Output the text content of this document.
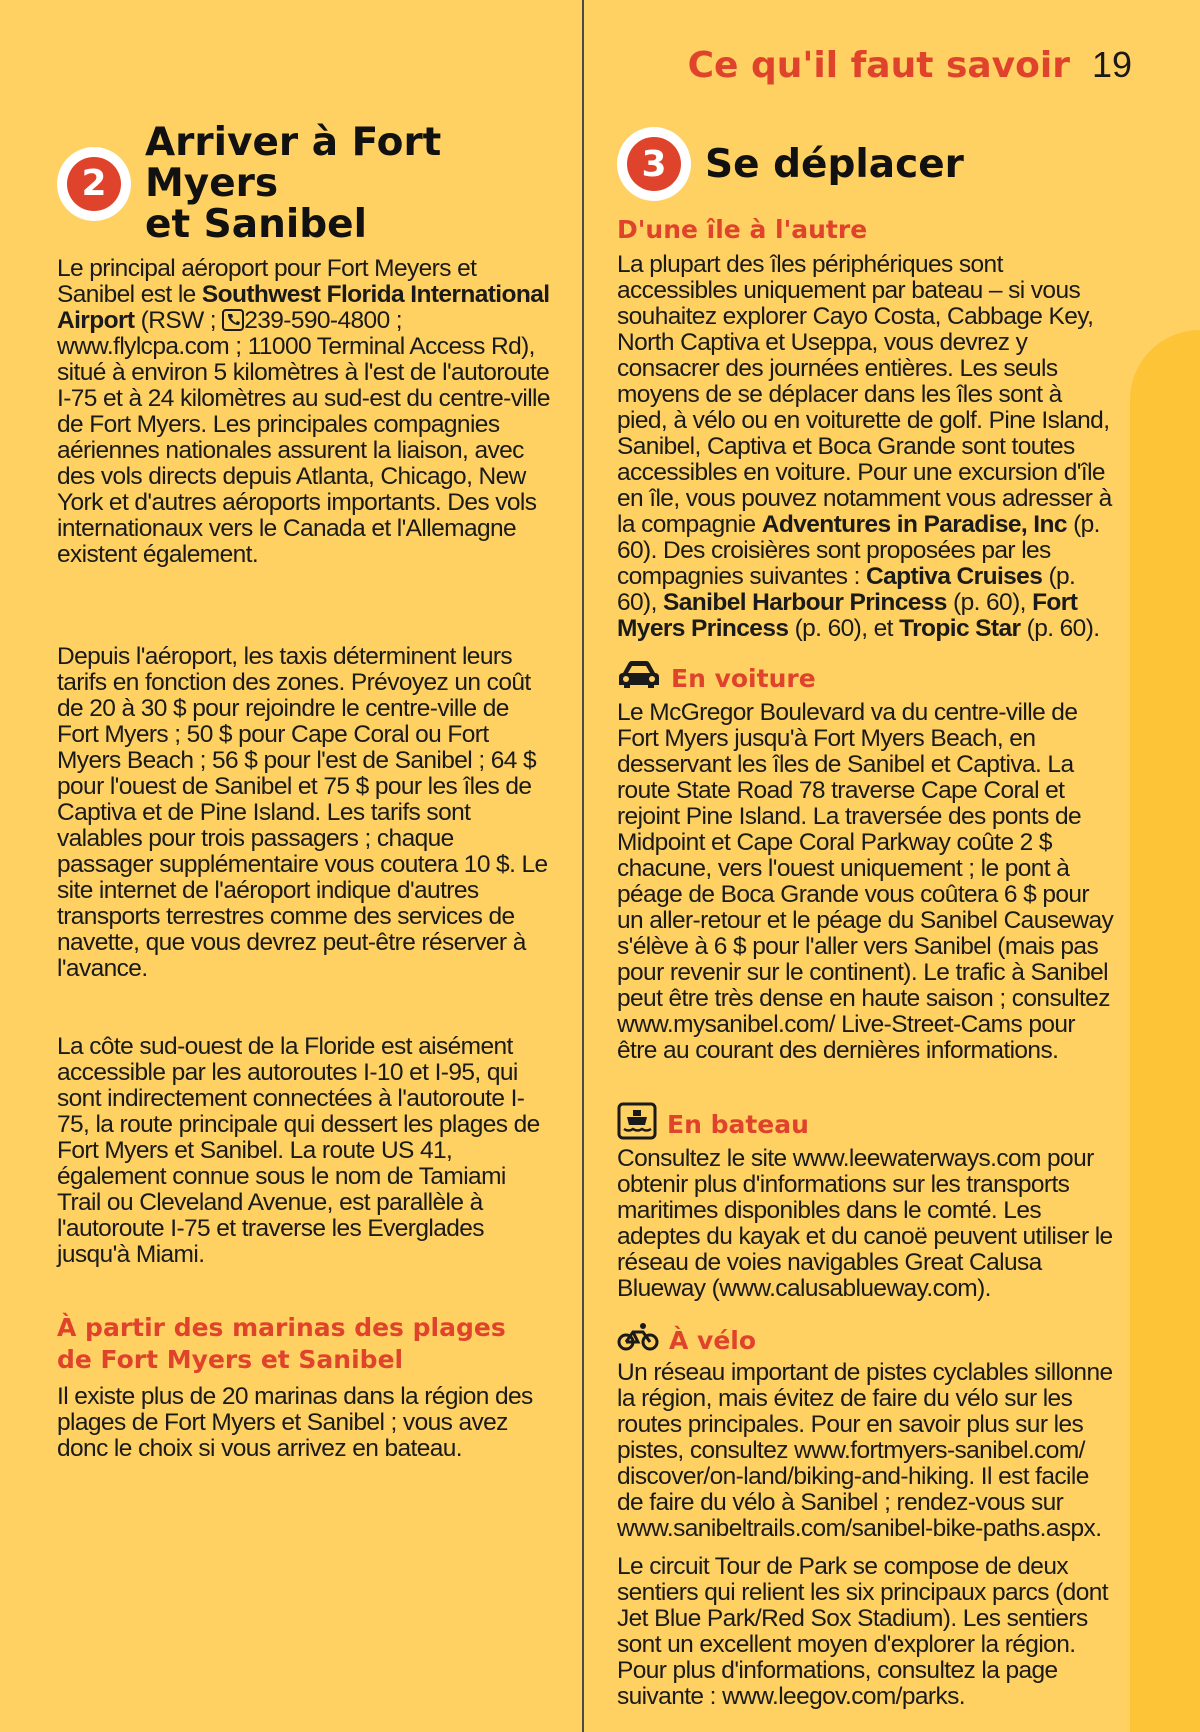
Ce qu'il faut savoir 19
2
Arriver à Fort Myers
et Sanibel

Le principal aéroport pour Fort Meyers et Sanibel est le Southwest Florida International Airport (RSW ; 239-590-4800 ; www.flylcpa.com ; 11000 Terminal Access Rd), situé à environ 5 kilomètres à l'est de l'autoroute I-75 et à 24 kilomètres au sud-est du centre-ville de Fort Myers. Les principales compagnies aériennes nationales assurent la liaison, avec des vols directs depuis Atlanta, Chicago, New York et d'autres aéroports importants. Des vols internationaux vers le Canada et l'Allemagne existent également.

Depuis l'aéroport, les taxis déterminent leurs tarifs en fonction des zones. Prévoyez un coût de 20 à 30 $ pour rejoindre le centre-ville de Fort Myers ; 50 $ pour Cape Coral ou Fort Myers Beach ; 56 $ pour l'est de Sanibel ; 64 $ pour l'ouest de Sanibel et 75 $ pour les îles de Captiva et de Pine Island. Les tarifs sont valables pour trois passagers ; chaque passager supplémentaire vous coutera 10 $. Le site internet de l'aéroport indique d'autres transports terrestres comme des services de navette, que vous devrez peut-être réserver à l'avance.

La côte sud-ouest de la Floride est aisément accessible par les autoroutes I-10 et I-95, qui sont indirectement connectées à l'autoroute I-75, la route principale qui dessert les plages de Fort Myers et Sanibel. La route US 41, également connue sous le nom de Tamiami Trail ou Cleveland Avenue, est parallèle à l'autoroute I-75 et traverse les Everglades jusqu'à Miami.

À partir des marinas des plages
de Fort Myers et Sanibel

Il existe plus de 20 marinas dans la région des plages de Fort Myers et Sanibel ; vous avez donc le choix si vous arrivez en bateau.

3 Se déplacer
D'une île à l'autre

La plupart des îles périphériques sont accessibles uniquement par bateau – si vous souhaitez explorer Cayo Costa, Cabbage Key, North Captiva et Useppa, vous devrez y consacrer des journées entières. Les seuls moyens de se déplacer dans les îles sont à pied, à vélo ou en voiturette de golf. Pine Island, Sanibel, Captiva et Boca Grande sont toutes accessibles en voiture. Pour une excursion d'île en île, vous pouvez notamment vous adresser à la compagnie Adventures in Paradise, Inc (p. 60). Des croisières sont proposées par les compagnies suivantes : Captiva Cruises (p. 60), Sanibel Harbour Princess (p. 60), Fort Myers Princess (p. 60), et Tropic Star (p. 60).

En voiture

Le McGregor Boulevard va du centre-ville de Fort Myers jusqu'à Fort Myers Beach, en desservant les îles de Sanibel et Captiva. La route State Road 78 traverse Cape Coral et rejoint Pine Island. La traversée des ponts de Midpoint et Cape Coral Parkway coûte 2 $ chacune, vers l'ouest uniquement ; le pont à péage de Boca Grande vous coûtera 6 $ pour un aller-retour et le péage du Sanibel Causeway s'élève à 6 $ pour l'aller vers Sanibel (mais pas pour revenir sur le continent). Le trafic à Sanibel peut être très dense en haute saison ; consultez www.mysanibel.com/ Live-Street-Cams pour être au courant des dernières informations.

En bateau

Consultez le site www.leewaterways.com pour obtenir plus d'informations sur les transports maritimes disponibles dans le comté. Les adeptes du kayak et du canoë peuvent utiliser le réseau de voies navigables Great Calusa Blueway (www.calusablueway.com).

À vélo

Un réseau important de pistes cyclables sillonne la région, mais évitez de faire du vélo sur les routes principales. Pour en savoir plus sur les pistes, consultez www.fortmyers-sanibel.com/ discover/on-land/biking-and-hiking. Il est facile de faire du vélo à Sanibel ; rendez-vous sur www.sanibeltrails.com/sanibel-bike-paths.aspx.

Le circuit Tour de Park se compose de deux sentiers qui relient les six principaux parcs (dont Jet Blue Park/Red Sox Stadium). Les sentiers sont un excellent moyen d'explorer la région. Pour plus d'informations, consultez la page suivante : www.leegov.com/parks.
